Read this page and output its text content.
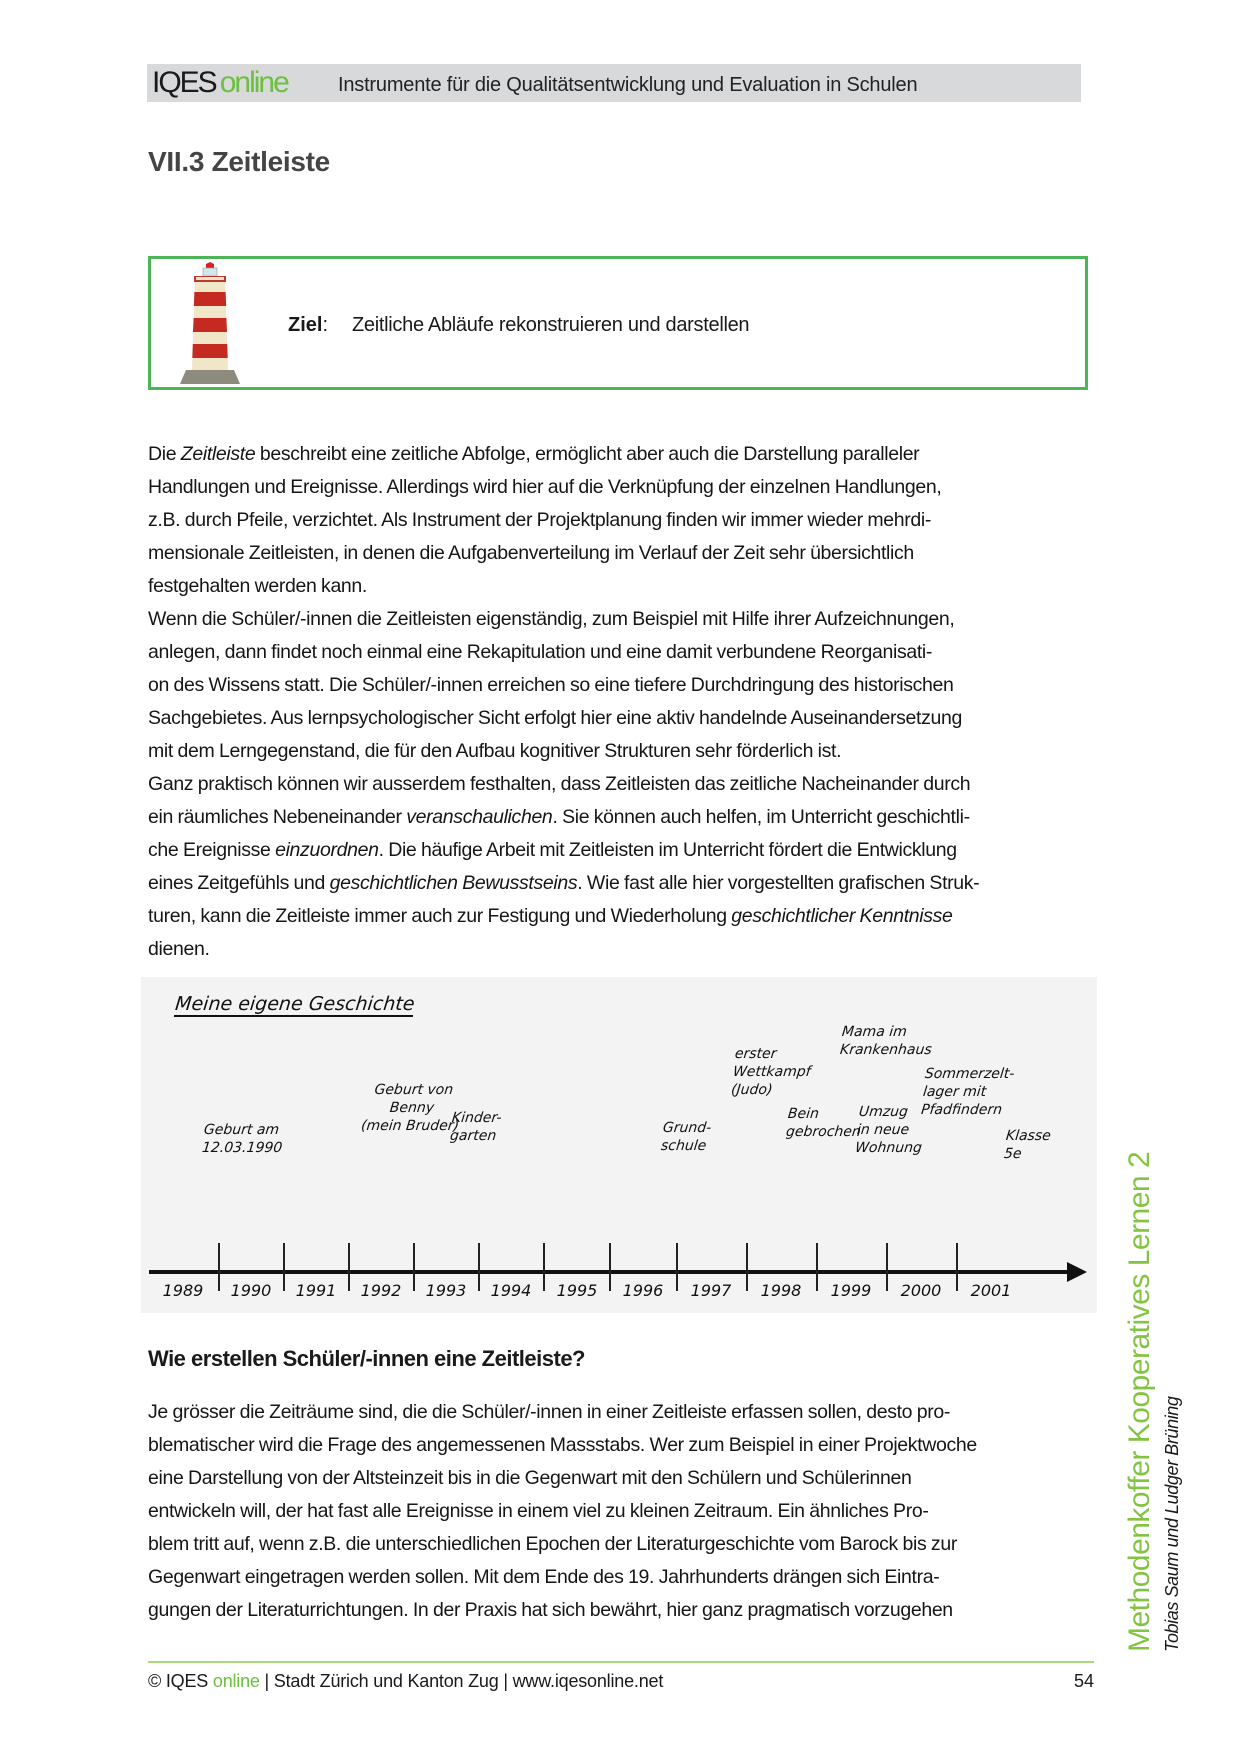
IQES online	Instrumente für die Qualitätsentwicklung und Evaluation in Schulen
VII.3 Zeitleiste
Ziel: Zeitliche Abläufe rekonstruieren und darstellen
Die Zeitleiste beschreibt eine zeitliche Abfolge, ermöglicht aber auch die Darstellung paralleler
Handlungen und Ereignisse. Allerdings wird hier auf die Verknüpfung der einzelnen Handlungen,
z.B. durch Pfeile, verzichtet. Als Instrument der Projektplanung finden wir immer wieder mehrdi-
mensionale Zeitleisten, in denen die Aufgabenverteilung im Verlauf der Zeit sehr übersichtlich
festgehalten werden kann.
Wenn die Schüler/-innen die Zeitleisten eigenständig, zum Beispiel mit Hilfe ihrer Aufzeichnungen,
anlegen, dann findet noch einmal eine Rekapitulation und eine damit verbundene Reorganisati-
on des Wissens statt. Die Schüler/-innen erreichen so eine tiefere Durchdringung des historischen
Sachgebietes. Aus lernpsychologischer Sicht erfolgt hier eine aktiv handelnde Auseinandersetzung
mit dem Lerngegenstand, die für den Aufbau kognitiver Strukturen sehr förderlich ist.
Ganz praktisch können wir ausserdem festhalten, dass Zeitleisten das zeitliche Nacheinander durch
ein räumliches Nebeneinander veranschaulichen. Sie können auch helfen, im Unterricht geschichtli-
che Ereignisse einzuordnen. Die häufige Arbeit mit Zeitleisten im Unterricht fördert die Entwicklung
eines Zeitgefühls und geschichtlichen Bewusstseins. Wie fast alle hier vorgestellten grafischen Struk-
turen, kann die Zeitleiste immer auch zur Festigung und Wiederholung geschichtlicher Kenntnisse
dienen.
Meine eigene Geschichte
Geburt am
12.03.1990
Geburt von
Benny
(mein Bruder)
Kinder-
garten	Grund-
schule
erster
Wettkampf
(Judo)
Bein
gebrochen
Mama im
Krankenhaus
Umzug
in neue
Wohnung
Sommerzelt-
lager mit
Pfadfindern
Klasse
5e
1989	1990	1991	1992	1993	1994	1995	1996	1997	1998	1999	2000	2001
Wie erstellen Schüler/-innen eine Zeitleiste?
Je grösser die Zeiträume sind, die die Schüler/-innen in einer Zeitleiste erfassen sollen, desto pro-
blematischer wird die Frage des angemessenen Massstabs. Wer zum Beispiel in einer Projektwoche
eine Darstellung von der Altsteinzeit bis in die Gegenwart mit den Schülern und Schülerinnen
entwickeln will, der hat fast alle Ereignisse in einem viel zu kleinen Zeitraum. Ein ähnliches Pro-
blem tritt auf, wenn z.B. die unterschiedlichen Epochen der Literaturgeschichte vom Barock bis zur
Gegenwart eingetragen werden sollen. Mit dem Ende des 19. Jahrhunderts drängen sich Eintra-
gungen der Literaturrichtungen. In der Praxis hat sich bewährt, hier ganz pragmatisch vorzugehen	Methodenkoffer Kooperatives Lernen 2 Tobias Saum und Ludger Brüning
© IQES online | Stadt Zürich und Kanton Zug | www.iqesonline.net	54
